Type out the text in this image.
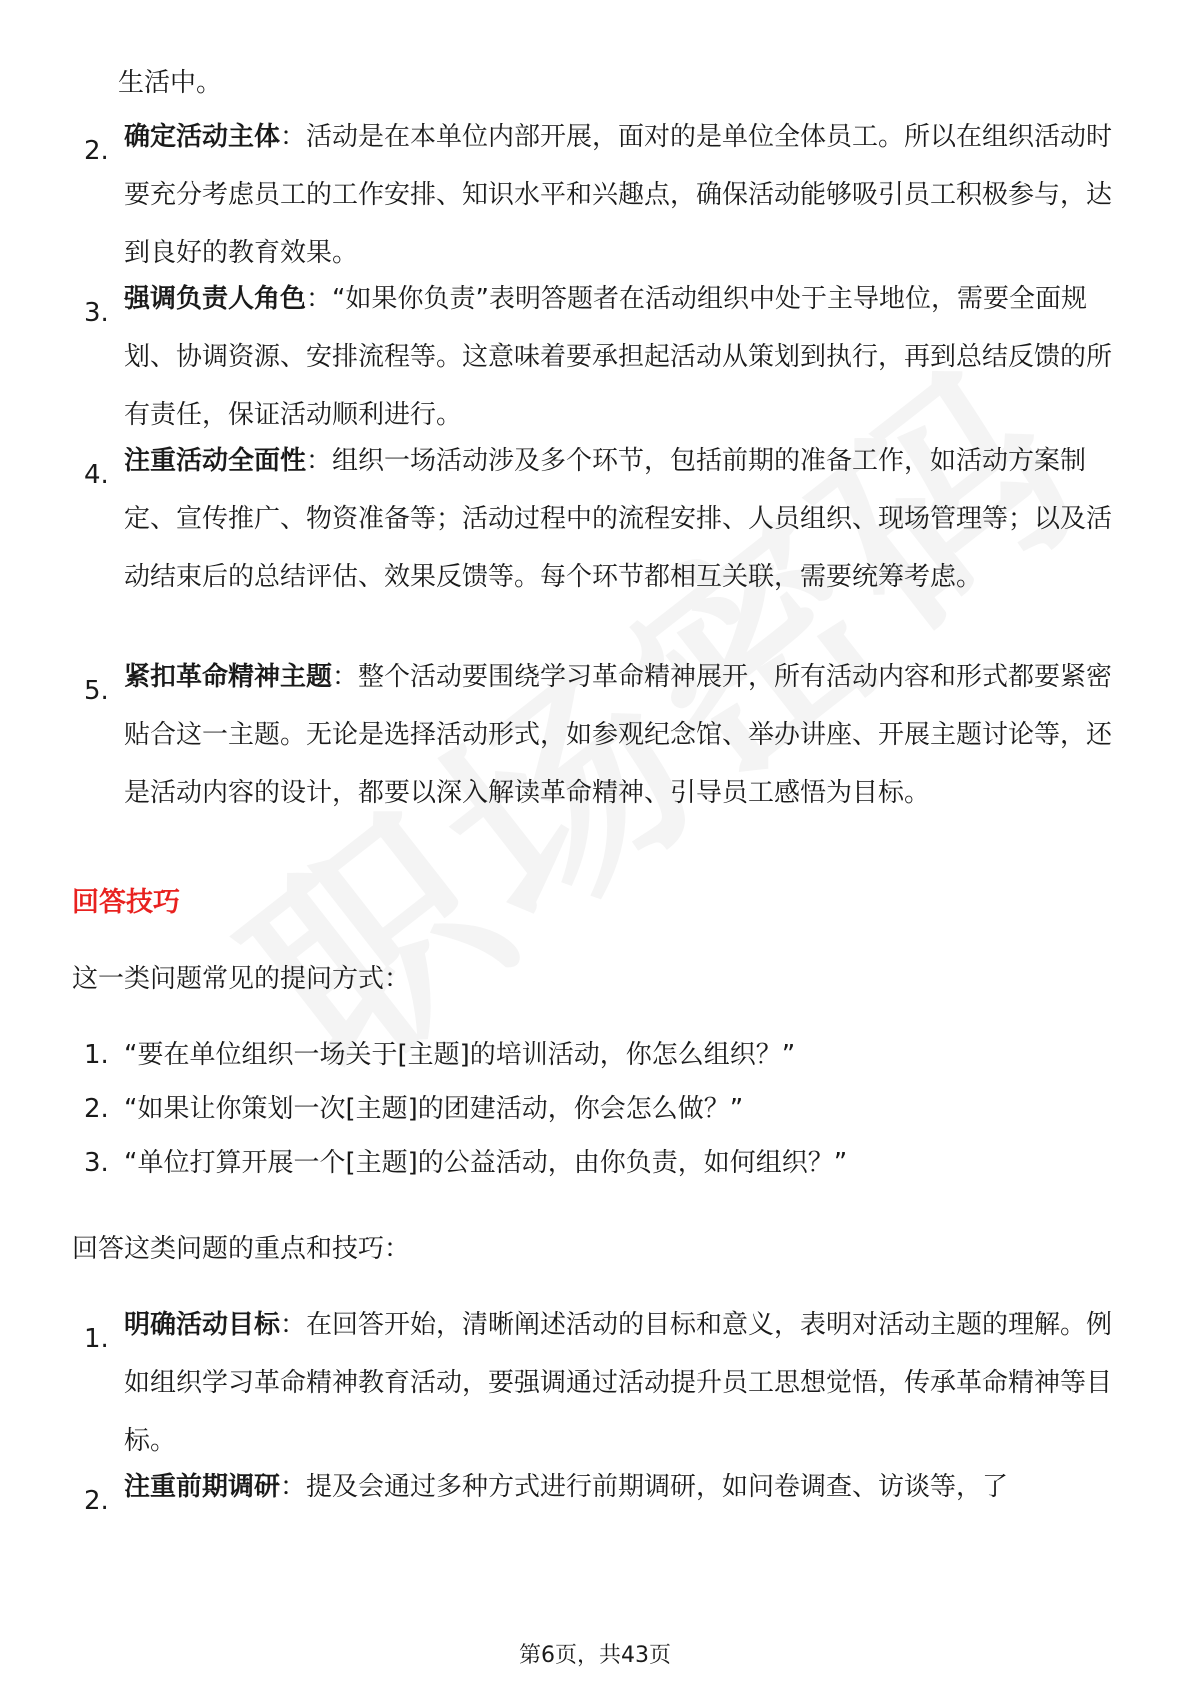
生活中。
2. 确定活动主体：活动是在本单位内部开展，面对的是单位全体员工。所以在组织活动时要充分考虑员工的工作安排、知识水平和兴趣点，确保活动能够吸引员工积极参与，达到良好的教育效果。
3. 强调负责人角色：“如果你负责”表明答题者在活动组织中处于主导地位，需要全面规划、协调资源、安排流程等。这意味着要承担起活动从策划到执行，再到总结反馈的所有责任，保证活动顺利进行。
4. 注重活动全面性：组织一场活动涉及多个环节，包括前期的准备工作，如活动方案制定、宣传推广、物资准备等；活动过程中的流程安排、人员组织、现场管理等；以及活动结束后的总结评估、效果反馈等。每个环节都相互关联，需要统筹考虑。
5. 紧扣革命精神主题：整个活动要围绕学习革命精神展开，所有活动内容和形式都要紧密贴合这一主题。无论是选择活动形式，如参观纪念馆、举办讲座、开展主题讨论等，还是活动内容的设计，都要以深入解读革命精神、引导员工感悟为目标。
回答技巧
这一类问题常见的提问方式：
1. “要在单位组织一场关于[主题]的培训活动，你怎么组织？”
2. “如果让你策划一次[主题]的团建活动，你会怎么做？”
3. “单位打算开展一个[主题]的公益活动，由你负责，如何组织？”
回答这类问题的重点和技巧：
1. 明确活动目标：在回答开始，清晰阐述活动的目标和意义，表明对活动主题的理解。例如组织学习革命精神教育活动，要强调通过活动提升员工思想觉悟，传承革命精神等目标。
2. 注重前期调研：提及会通过多种方式进行前期调研，如问卷调查、访谈等，了
第6页，共43页
